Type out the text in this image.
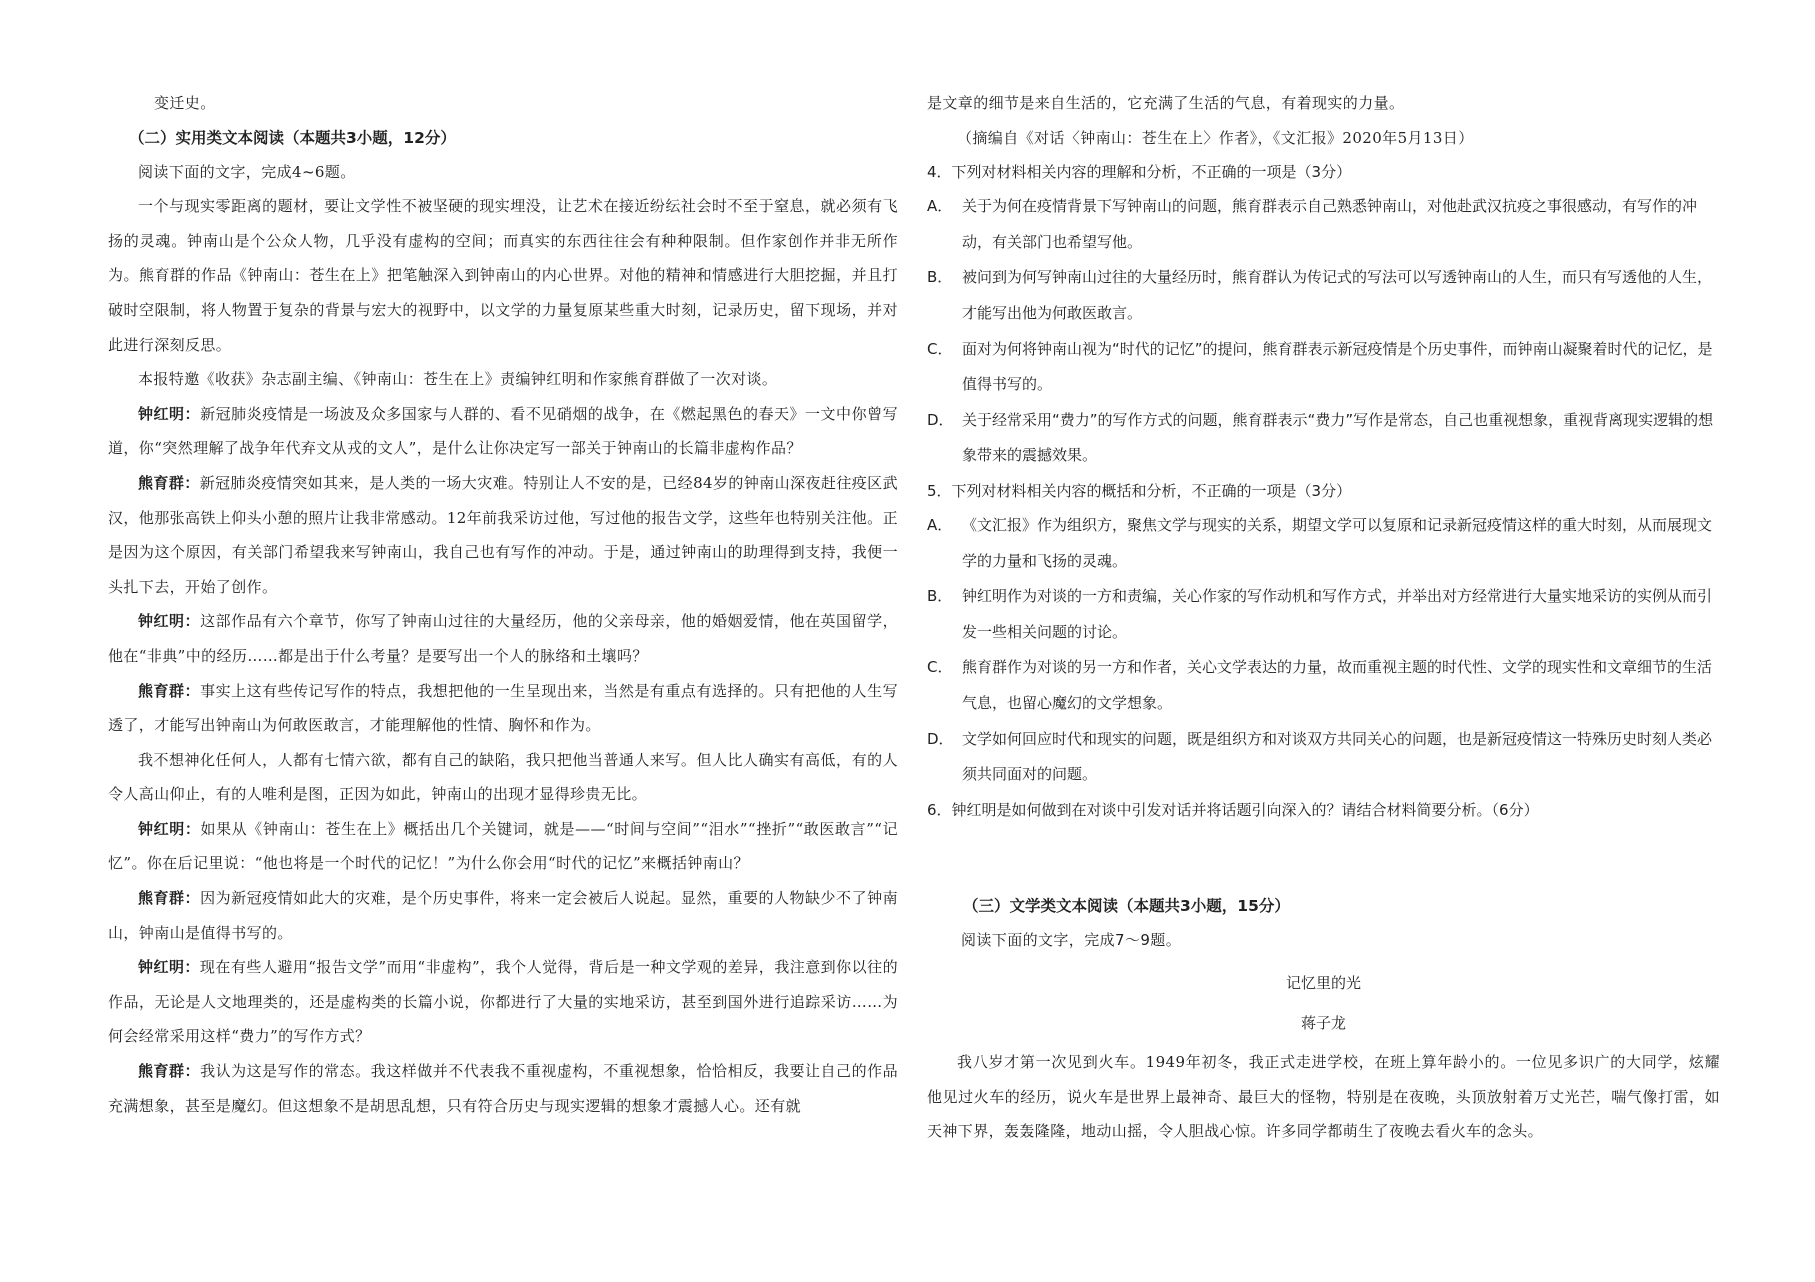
变迁史。

（二）实用类文本阅读（本题共3小题，12分）

阅读下面的文字，完成4~6题。

一个与现实零距离的题材，要让文学性不被坚硬的现实埋没，让艺术在接近纷纭社会时不至于窒息，就必须有飞扬的灵魂。钟南山是个公众人物，几乎没有虚构的空间；而真实的东西往往会有种种限制。但作家创作并非无所作为。熊育群的作品《钟南山：苍生在上》把笔触深入到钟南山的内心世界。对他的精神和情感进行大胆挖掘，并且打破时空限制，将人物置于复杂的背景与宏大的视野中，以文学的力量复原某些重大时刻，记录历史，留下现场，并对此进行深刻反思。

本报特邀《收获》杂志副主编、《钟南山：苍生在上》责编钟红明和作家熊育群做了一次对谈。

钟红明：新冠肺炎疫情是一场波及众多国家与人群的、看不见硝烟的战争，在《燃起黑色的春天》一文中你曾写道，你“突然理解了战争年代弃文从戎的文人”，是什么让你决定写一部关于钟南山的长篇非虚构作品？

熊育群：新冠肺炎疫情突如其来，是人类的一场大灾难。特别让人不安的是，已经84岁的钟南山深夜赶往疫区武汉，他那张高铁上仰头小憩的照片让我非常感动。12年前我采访过他，写过他的报告文学，这些年也特别关注他。正是因为这个原因，有关部门希望我来写钟南山，我自己也有写作的冲动。于是，通过钟南山的助理得到支持，我便一头扎下去，开始了创作。

钟红明：这部作品有六个章节，你写了钟南山过往的大量经历，他的父亲母亲，他的婚姻爱情，他在英国留学，他在“非典”中的经历……都是出于什么考量？是要写出一个人的脉络和土壤吗？

熊育群：事实上这有些传记写作的特点，我想把他的一生呈现出来，当然是有重点有选择的。只有把他的人生写透了，才能写出钟南山为何敢医敢言，才能理解他的性情、胸怀和作为。

我不想神化任何人，人都有七情六欲，都有自己的缺陷，我只把他当普通人来写。但人比人确实有高低，有的人令人高山仰止，有的人唯利是图，正因为如此，钟南山的出现才显得珍贵无比。

钟红明：如果从《钟南山：苍生在上》概括出几个关键词，就是——“时间与空间”“泪水”“挫折”“敢医敢言”“记忆”。你在后记里说：“他也将是一个时代的记忆！”为什么你会用“时代的记忆”来概括钟南山？

熊育群：因为新冠疫情如此大的灾难，是个历史事件，将来一定会被后人说起。显然，重要的人物缺少不了钟南山，钟南山是值得书写的。

钟红明：现在有些人避用“报告文学”而用“非虚构”，我个人觉得，背后是一种文学观的差异，我注意到你以往的作品，无论是人文地理类的，还是虚构类的长篇小说，你都进行了大量的实地采访，甚至到国外进行追踪采访……为何会经常采用这样“费力”的写作方式？

熊育群：我认为这是写作的常态。我这样做并不代表我不重视虚构，不重视想象，恰恰相反，我要让自己的作品充满想象，甚至是魔幻。但这想象不是胡思乱想，只有符合历史与现实逻辑的想象才震撼人心。还有就

是文章的细节是来自生活的，它充满了生活的气息，有着现实的力量。

（摘编自《对话〈钟南山：苍生在上〉作者》，《文汇报》2020年5月13日）

4．下列对材料相关内容的理解和分析，不正确的一项是（3分）

A． 关于为何在疫情背景下写钟南山的问题，熊育群表示自己熟悉钟南山，对他赴武汉抗疫之事很感动，有写作的冲动，有关部门也希望写他。

B． 被问到为何写钟南山过往的大量经历时，熊育群认为传记式的写法可以写透钟南山的人生，而只有写透他的人生，才能写出他为何敢医敢言。

C． 面对为何将钟南山视为“时代的记忆”的提问，熊育群表示新冠疫情是个历史事件，而钟南山凝聚着时代的记忆，是值得书写的。

D． 关于经常采用“费力”的写作方式的问题，熊育群表示“费力”写作是常态，自己也重视想象，重视背离现实逻辑的想象带来的震撼效果。

5．下列对材料相关内容的概括和分析，不正确的一项是（3分）

A． 《文汇报》作为组织方，聚焦文学与现实的关系，期望文学可以复原和记录新冠疫情这样的重大时刻，从而展现文学的力量和飞扬的灵魂。

B． 钟红明作为对谈的一方和责编，关心作家的写作动机和写作方式，并举出对方经常进行大量实地采访的实例从而引发一些相关问题的讨论。

C． 熊育群作为对谈的另一方和作者，关心文学表达的力量，故而重视主题的时代性、文学的现实性和文章细节的生活气息，也留心魔幻的文学想象。

D． 文学如何回应时代和现实的问题，既是组织方和对谈双方共同关心的问题，也是新冠疫情这一特殊历史时刻人类必须共同面对的问题。

6．钟红明是如何做到在对谈中引发对话并将话题引向深入的？请结合材料简要分析。（6分）

（三）文学类文本阅读（本题共3小题，15分）

阅读下面的文字，完成7～9题。

记忆里的光

蒋子龙

我八岁才第一次见到火车。1949年初冬，我正式走进学校，在班上算年龄小的。一位见多识广的大同学，炫耀他见过火车的经历，说火车是世界上最神奇、最巨大的怪物，特别是在夜晚，头顶放射着万丈光芒，喘气像打雷，如天神下界，轰轰隆隆，地动山摇，令人胆战心惊。许多同学都萌生了夜晚去看火车的念头。
